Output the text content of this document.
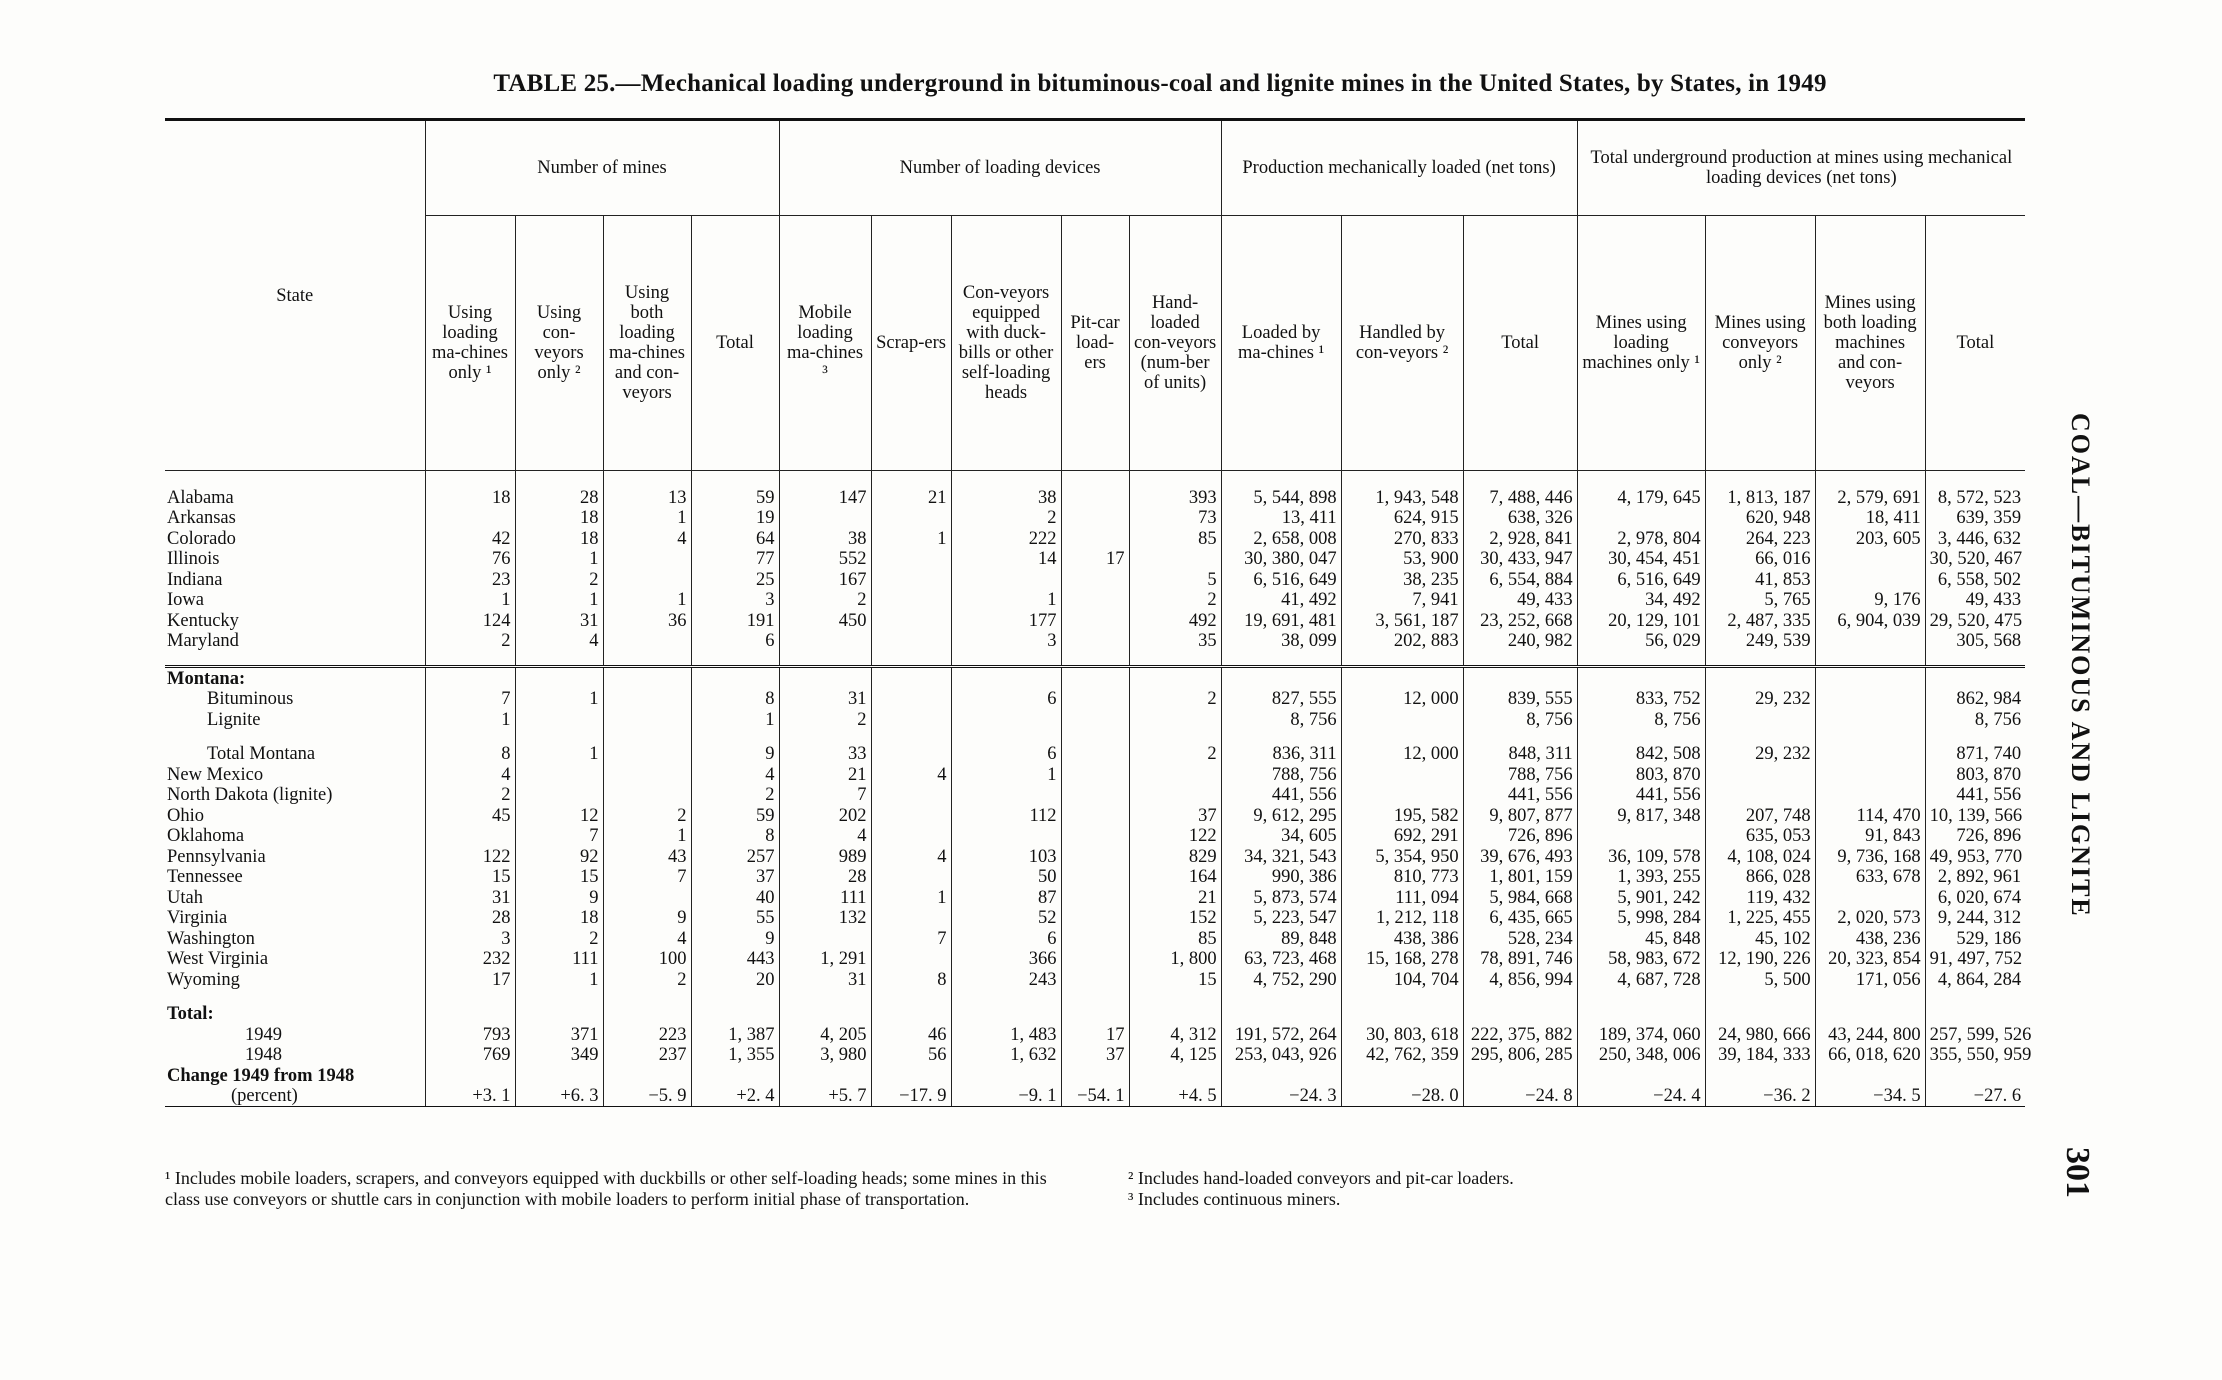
TABLE 25.—Mechanical loading underground in bituminous-coal and lignite mines in the United States, by States, in 1949
State	Number of mines				Number of loading devices					Production mechanically loaded (net tons)			Total underground production at mines using mechanical loading devices (net tons)			
	Using loading ma-chines only ¹	Using con-veyors only ²	Using both loading ma-chines and con-veyors	Total	Mobile loading ma-chines ³	Scrap-ers	Con-veyors equipped with duck-bills or other self-loading heads	Pit-car load-ers	Hand-loaded con-veyors (num-ber of units)	Loaded by ma-chines ¹	Handled by con-veyors ²	Total	Mines using loading machines only ¹	Mines using conveyors only ²	Mines using both loading machines and con-veyors	Total

Alabama	18	28	13	59	147	21	38		393	5, 544, 898	1, 943, 548	7, 488, 446	4, 179, 645	1, 813, 187	2, 579, 691	8, 572, 523
Arkansas		18	1	19			2		73	13, 411	624, 915	638, 326		620, 948	18, 411	639, 359
Colorado	42	18	4	64	38	1	222		85	2, 658, 008	270, 833	2, 928, 841	2, 978, 804	264, 223	203, 605	3, 446, 632
Illinois	76	1		77	552		14	17		30, 380, 047	53, 900	30, 433, 947	30, 454, 451	66, 016		30, 520, 467
Indiana	23	2		25	167				5	6, 516, 649	38, 235	6, 554, 884	6, 516, 649	41, 853		6, 558, 502
Iowa	1	1	1	3	2		1		2	41, 492	7, 941	49, 433	34, 492	5, 765	9, 176	49, 433
Kentucky	124	31	36	191	450		177		492	19, 691, 481	3, 561, 187	23, 252, 668	20, 129, 101	2, 487, 335	6, 904, 039	29, 520, 475
Maryland	2	4		6			3		35	38, 099	202, 883	240, 982	56, 029	249, 539		305, 568

Montana:																
Bituminous	7	1		8	31		6		2	827, 555	12, 000	839, 555	833, 752	29, 232		862, 984
Lignite	1			1	2					8, 756		8, 756	8, 756			8, 756

Total Montana	8	1		9	33		6		2	836, 311	12, 000	848, 311	842, 508	29, 232		871, 740
New Mexico	4			4	21	4	1			788, 756		788, 756	803, 870			803, 870
North Dakota (lignite)	2			2	7					441, 556		441, 556	441, 556			441, 556
Ohio	45	12	2	59	202		112		37	9, 612, 295	195, 582	9, 807, 877	9, 817, 348	207, 748	114, 470	10, 139, 566
Oklahoma		7	1	8	4				122	34, 605	692, 291	726, 896		635, 053	91, 843	726, 896
Pennsylvania	122	92	43	257	989	4	103		829	34, 321, 543	5, 354, 950	39, 676, 493	36, 109, 578	4, 108, 024	9, 736, 168	49, 953, 770
Tennessee	15	15	7	37	28		50		164	990, 386	810, 773	1, 801, 159	1, 393, 255	866, 028	633, 678	2, 892, 961
Utah	31	9		40	111	1	87		21	5, 873, 574	111, 094	5, 984, 668	5, 901, 242	119, 432		6, 020, 674
Virginia	28	18	9	55	132		52		152	5, 223, 547	1, 212, 118	6, 435, 665	5, 998, 284	1, 225, 455	2, 020, 573	9, 244, 312
Washington	3	2	4	9		7	6		85	89, 848	438, 386	528, 234	45, 848	45, 102	438, 236	529, 186
West Virginia	232	111	100	443	1, 291		366		1, 800	63, 723, 468	15, 168, 278	78, 891, 746	58, 983, 672	12, 190, 226	20, 323, 854	91, 497, 752
Wyoming	17	1	2	20	31	8	243		15	4, 752, 290	104, 704	4, 856, 994	4, 687, 728	5, 500	171, 056	4, 864, 284

Total:																
1949	793	371	223	1, 387	4, 205	46	1, 483	17	4, 312	191, 572, 264	30, 803, 618	222, 375, 882	189, 374, 060	24, 980, 666	43, 244, 800	257, 599, 526
1948	769	349	237	1, 355	3, 980	56	1, 632	37	4, 125	253, 043, 926	42, 762, 359	295, 806, 285	250, 348, 006	39, 184, 333	66, 018, 620	355, 550, 959
Change 1949 from 1948																
(percent)	+3. 1	+6. 3	−5. 9	+2. 4	+5. 7	−17. 9	−9. 1	−54. 1	+4. 5	−24. 3	−28. 0	−24. 8	−24. 4	−36. 2	−34. 5	−27. 6
¹ Includes mobile loaders, scrapers, and conveyors equipped with duckbills or other self-loading heads; some mines in this class use conveyors or shuttle cars in conjunction with mobile loaders to perform initial phase of transportation.
² Includes hand-loaded conveyors and pit-car loaders.
³ Includes continuous miners.
COAL—BITUMINOUS AND LIGNITE
301
